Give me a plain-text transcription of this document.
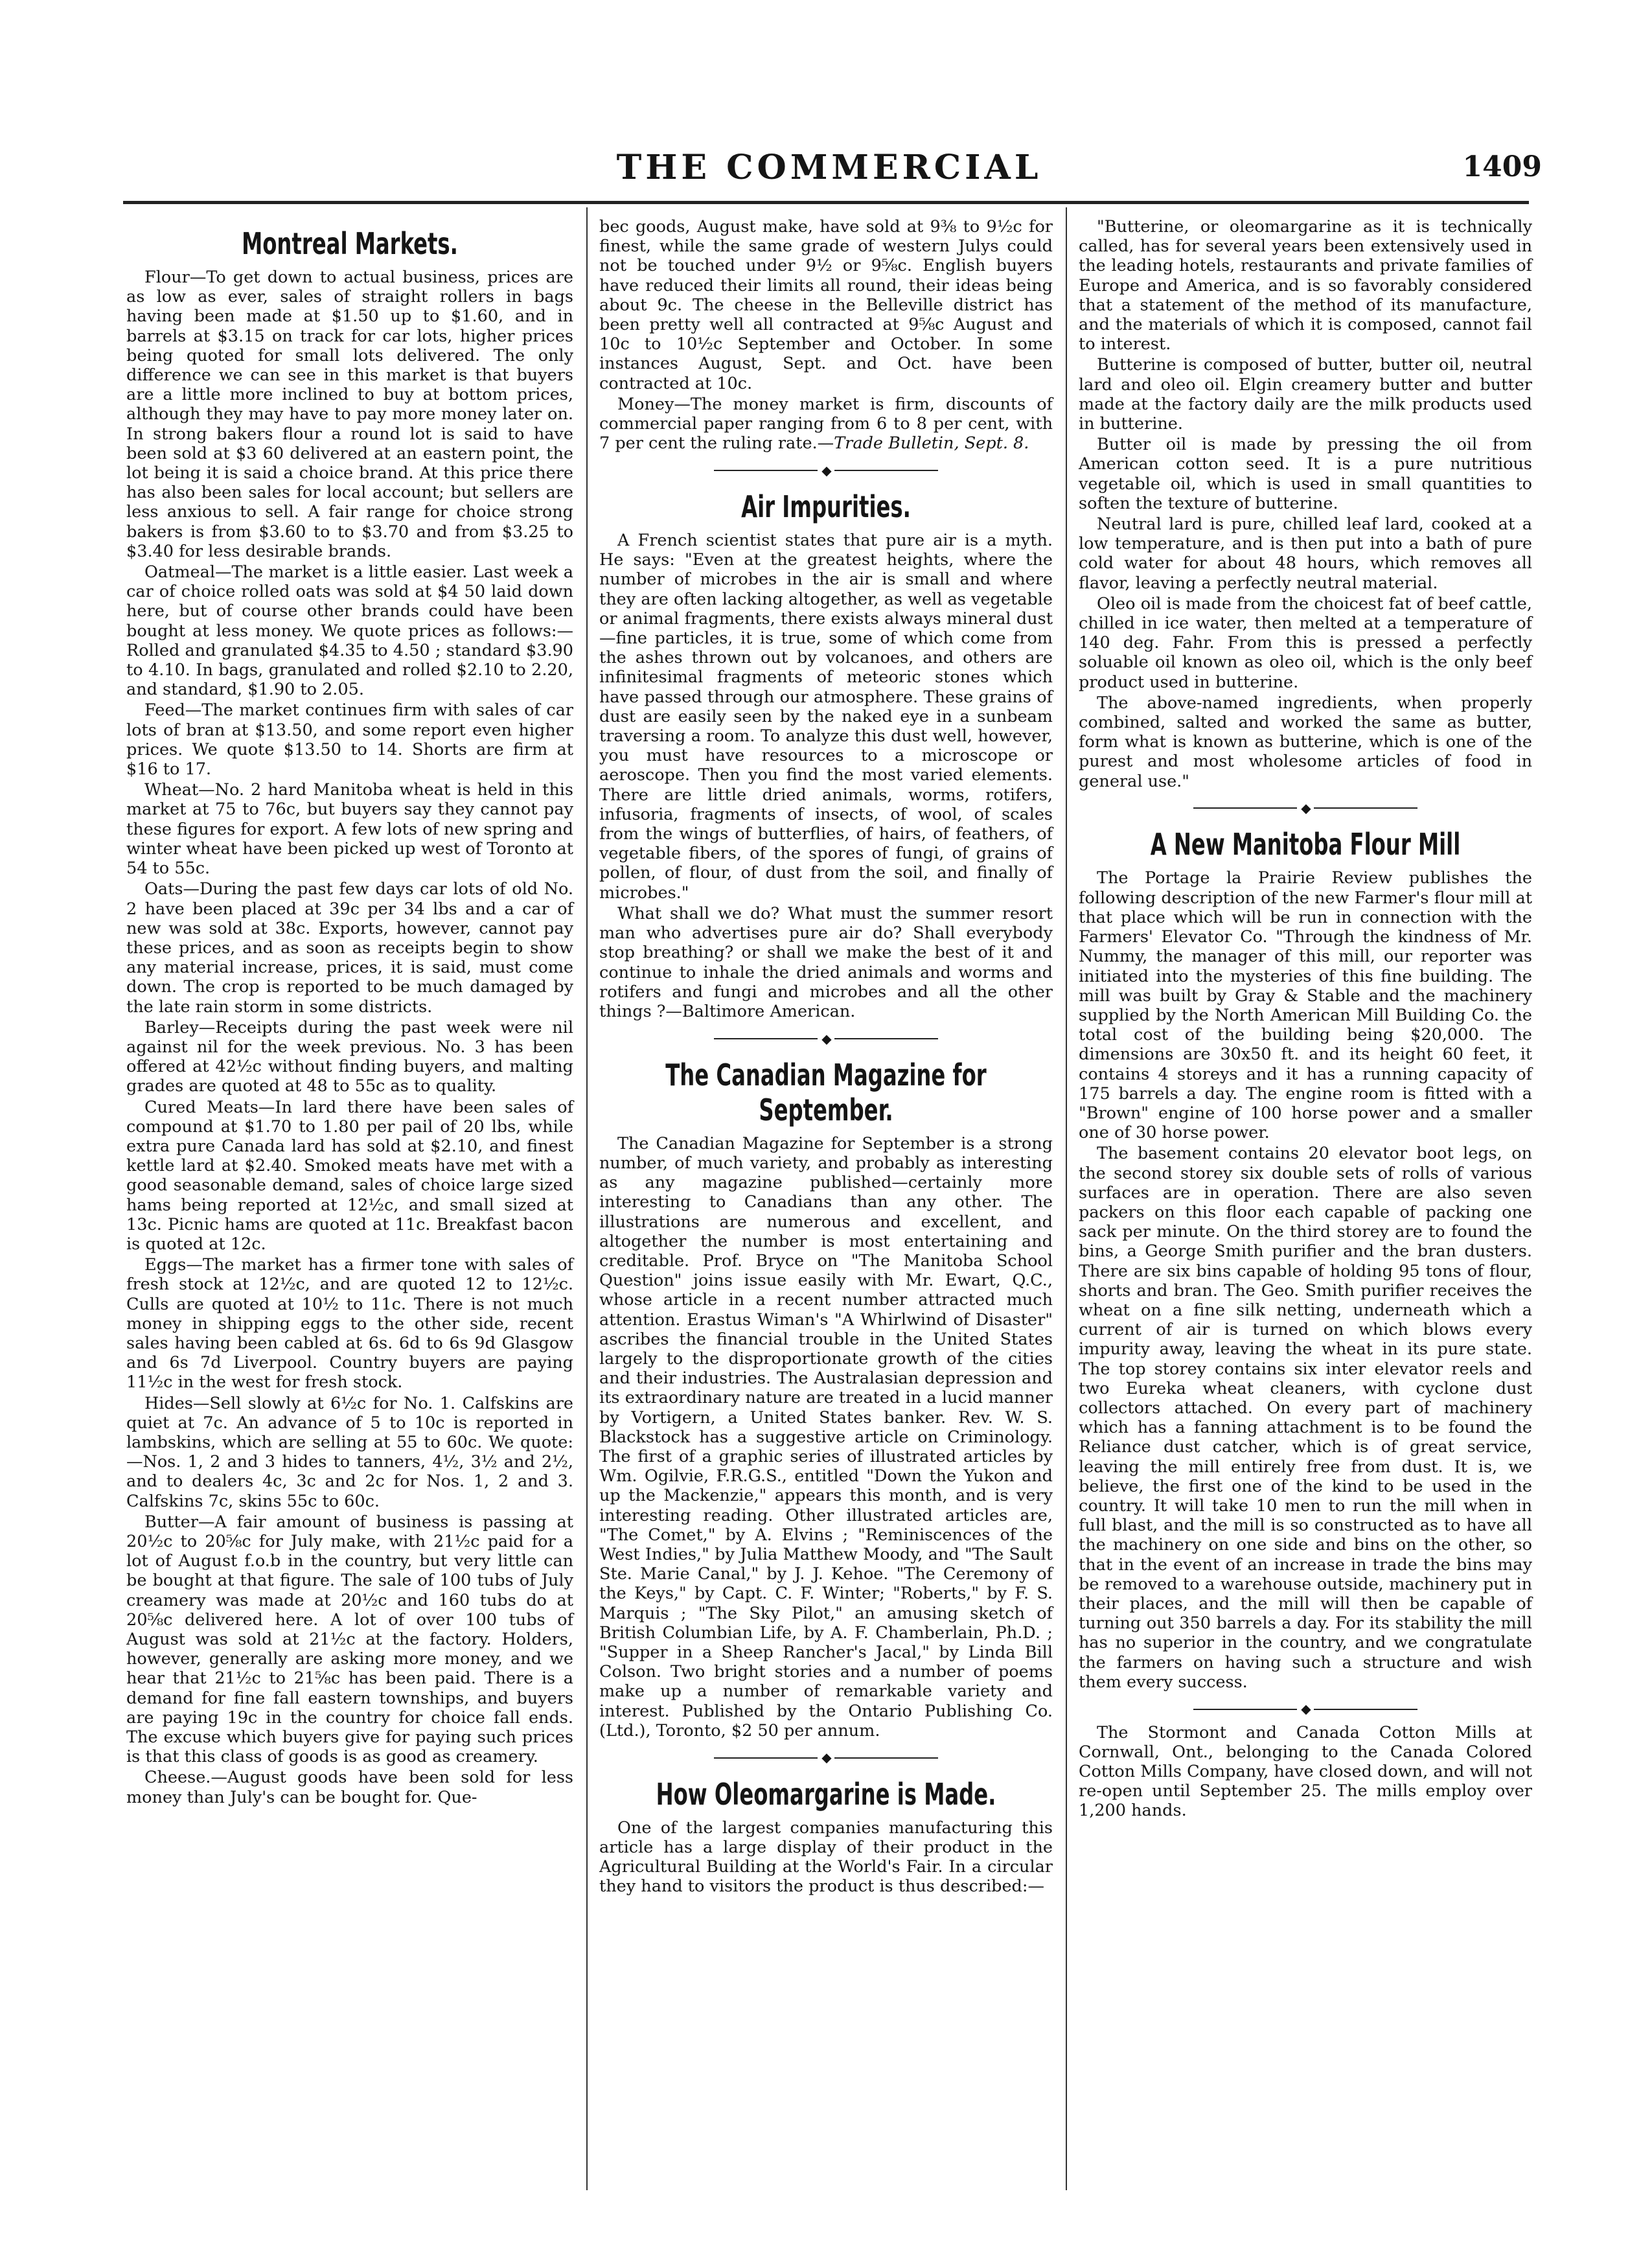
THE COMMERCIAL	1409
Montreal Markets.

Flour—To get down to actual business, prices are as low as ever, sales of straight rollers in bags having been made at $1.50 up to $1.60, and in barrels at $3.15 on track for car lots, higher prices being quoted for small lots delivered. The only difference we can see in this market is that buyers are a little more inclined to buy at bottom prices, although they may have to pay more money later on. In strong bakers flour a round lot is said to have been sold at $3 60 delivered at an eastern point, the lot being it is said a choice brand. At this price there has also been sales for local account; but sellers are less anxious to sell. A fair range for choice strong bakers is from $3.60 to to $3.70 and from $3.25 to $3.40 for less desirable brands.

Oatmeal—The market is a little easier. Last week a car of choice rolled oats was sold at $4 50 laid down here, but of course other brands could have been bought at less money. We quote prices as follows:—Rolled and granulated $4.35 to 4.50 ; standard $3.90 to 4.10. In bags, granulated and rolled $2.10 to 2.20, and standard, $1.90 to 2.05.

Feed—The market continues firm with sales of car lots of bran at $13.50, and some report even higher prices. We quote $13.50 to 14. Shorts are firm at $16 to 17.

Wheat—No. 2 hard Manitoba wheat is held in this market at 75 to 76c, but buyers say they cannot pay these figures for export. A few lots of new spring and winter wheat have been picked up west of Toronto at 54 to 55c.

Oats—During the past few days car lots of old No. 2 have been placed at 39c per 34 lbs and a car of new was sold at 38c. Exports, however, cannot pay these prices, and as soon as receipts begin to show any material increase, prices, it is said, must come down. The crop is reported to be much damaged by the late rain storm in some districts.

Barley—Receipts during the past week were nil against nil for the week previous. No. 3 has been offered at 42½c without finding buyers, and malting grades are quoted at 48 to 55c as to quality.

Cured Meats—In lard there have been sales of compound at $1.70 to 1.80 per pail of 20 lbs, while extra pure Canada lard has sold at $2.10, and finest kettle lard at $2.40. Smoked meats have met with a good seasonable demand, sales of choice large sized hams being reported at 12½c, and small sized at 13c. Picnic hams are quoted at 11c. Breakfast bacon is quoted at 12c.

Eggs—The market has a firmer tone with sales of fresh stock at 12½c, and are quoted 12 to 12½c. Culls are quoted at 10½ to 11c. There is not much money in shipping eggs to the other side, recent sales having been cabled at 6s. 6d to 6s 9d Glasgow and 6s 7d Liverpool. Country buyers are paying 11½c in the west for fresh stock.

Hides—Sell slowly at 6½c for No. 1. Calfskins are quiet at 7c. An advance of 5 to 10c is reported in lambskins, which are selling at 55 to 60c. We quote:—Nos. 1, 2 and 3 hides to tanners, 4½, 3½ and 2½, and to dealers 4c, 3c and 2c for Nos. 1, 2 and 3. Calfskins 7c, skins 55c to 60c.

Butter—A fair amount of business is passing at 20½c to 20⅝c for July make, with 21½c paid for a lot of August f.o.b in the country, but very little can be bought at that figure. The sale of 100 tubs of July creamery was made at 20½c and 160 tubs do at 20⅝c delivered here. A lot of over 100 tubs of August was sold at 21½c at the factory. Holders, however, generally are asking more money, and we hear that 21½c to 21⅝c has been paid. There is a demand for fine fall eastern townships, and buyers are paying 19c in the country for choice fall ends. The excuse which buyers give for paying such prices is that this class of goods is as good as creamery.

Cheese.—August goods have been sold for less money than July's can be bought for. Que-

bec goods, August make, have sold at 9⅜ to 9½c for finest, while the same grade of western Julys could not be touched under 9½ or 9⅝c. English buyers have reduced their limits all round, their ideas being about 9c. The cheese in the Belleville district has been pretty well all contracted at 9⅝c August and 10c to 10½c September and October. In some instances August, Sept. and Oct. have been contracted at 10c.

Money—The money market is firm, discounts of commercial paper ranging from 6 to 8 per cent, with 7 per cent the ruling rate.—Trade Bulletin, Sept. 8.

◆
Air Impurities.

A French scientist states that pure air is a myth. He says: "Even at the greatest heights, where the number of microbes in the air is small and where they are often lacking altogether, as well as vegetable or animal fragments, there exists always mineral dust—fine particles, it is true, some of which come from the ashes thrown out by volcanoes, and others are infinitesimal fragments of meteoric stones which have passed through our atmosphere. These grains of dust are easily seen by the naked eye in a sunbeam traversing a room. To analyze this dust well, however, you must have resources to a microscope or aeroscope. Then you find the most varied elements. There are little dried animals, worms, rotifers, infusoria, fragments of insects, of wool, of scales from the wings of butterflies, of hairs, of feathers, of vegetable fibers, of the spores of fungi, of grains of pollen, of flour, of dust from the soil, and finally of microbes."

What shall we do? What must the summer resort man who advertises pure air do? Shall everybody stop breathing? or shall we make the best of it and continue to inhale the dried animals and worms and rotifers and fungi and microbes and all the other things ?—Baltimore American.

◆
The Canadian Magazine for September.

The Canadian Magazine for September is a strong number, of much variety, and probably as interesting as any magazine published—certainly more interesting to Canadians than any other. The illustrations are numerous and excellent, and altogether the number is most entertaining and creditable. Prof. Bryce on "The Manitoba School Question" joins issue easily with Mr. Ewart, Q.C., whose article in a recent number attracted much attention. Erastus Wiman's "A Whirlwind of Disaster" ascribes the financial trouble in the United States largely to the disproportionate growth of the cities and their industries. The Australasian depression and its extraordinary nature are treated in a lucid manner by Vortigern, a United States banker. Rev. W. S. Blackstock has a suggestive article on Criminology. The first of a graphic series of illustrated articles by Wm. Ogilvie, F.R.G.S., entitled "Down the Yukon and up the Mackenzie," appears this month, and is very interesting reading. Other illustrated articles are, "The Comet," by A. Elvins ; "Reminiscences of the West Indies," by Julia Matthew Moody, and "The Sault Ste. Marie Canal," by J. J. Kehoe. "The Ceremony of the Keys," by Capt. C. F. Winter; "Roberts," by F. S. Marquis ; "The Sky Pilot," an amusing sketch of British Columbian Life, by A. F. Chamberlain, Ph.D. ; "Supper in a Sheep Rancher's Jacal," by Linda Bill Colson. Two bright stories and a number of poems make up a number of remarkable variety and interest. Published by the Ontario Publishing Co. (Ltd.), Toronto, $2 50 per annum.

◆
How Oleomargarine is Made.

One of the largest companies manufacturing this article has a large display of their product in the Agricultural Building at the World's Fair. In a circular they hand to visitors the product is thus described:—

"Butterine, or oleomargarine as it is technically called, has for several years been extensively used in the leading hotels, restaurants and private families of Europe and America, and is so favorably considered that a statement of the method of its manufacture, and the materials of which it is composed, cannot fail to interest.

Butterine is composed of butter, butter oil, neutral lard and oleo oil. Elgin creamery butter and butter made at the factory daily are the milk products used in butterine.

Butter oil is made by pressing the oil from American cotton seed. It is a pure nutritious vegetable oil, which is used in small quantities to soften the texture of butterine.

Neutral lard is pure, chilled leaf lard, cooked at a low temperature, and is then put into a bath of pure cold water for about 48 hours, which removes all flavor, leaving a perfectly neutral material.

Oleo oil is made from the choicest fat of beef cattle, chilled in ice water, then melted at a temperature of 140 deg. Fahr. From this is pressed a perfectly soluable oil known as oleo oil, which is the only beef product used in butterine.

The above-named ingredients, when properly combined, salted and worked the same as butter, form what is known as butterine, which is one of the purest and most wholesome articles of food in general use."

◆
A New Manitoba Flour Mill

The Portage la Prairie Review publishes the following description of the new Farmer's flour mill at that place which will be run in connection with the Farmers' Elevator Co. "Through the kindness of Mr. Nummy, the manager of this mill, our reporter was initiated into the mysteries of this fine building. The mill was built by Gray & Stable and the machinery supplied by the North American Mill Building Co. the total cost of the building being $20,000. The dimensions are 30x50 ft. and its height 60 feet, it contains 4 storeys and it has a running capacity of 175 barrels a day. The engine room is fitted with a "Brown" engine of 100 horse power and a smaller one of 30 horse power.

The basement contains 20 elevator boot legs, on the second storey six double sets of rolls of various surfaces are in operation. There are also seven packers on this floor each capable of packing one sack per minute. On the third storey are to found the bins, a George Smith purifier and the bran dusters. There are six bins capable of holding 95 tons of flour, shorts and bran. The Geo. Smith purifier receives the wheat on a fine silk netting, underneath which a current of air is turned on which blows every impurity away, leaving the wheat in its pure state. The top storey contains six inter elevator reels and two Eureka wheat cleaners, with cyclone dust collectors attached. On every part of machinery which has a fanning attachment is to be found the Reliance dust catcher, which is of great service, leaving the mill entirely free from dust. It is, we believe, the first one of the kind to be used in the country. It will take 10 men to run the mill when in full blast, and the mill is so constructed as to have all the machinery on one side and bins on the other, so that in the event of an increase in trade the bins may be removed to a warehouse outside, machinery put in their places, and the mill will then be capable of turning out 350 barrels a day. For its stability the mill has no superior in the country, and we congratulate the farmers on having such a structure and wish them every success.

◆

The Stormont and Canada Cotton Mills at Cornwall, Ont., belonging to the Canada Colored Cotton Mills Company, have closed down, and will not re-open until September 25. The mills employ over 1,200 hands.
